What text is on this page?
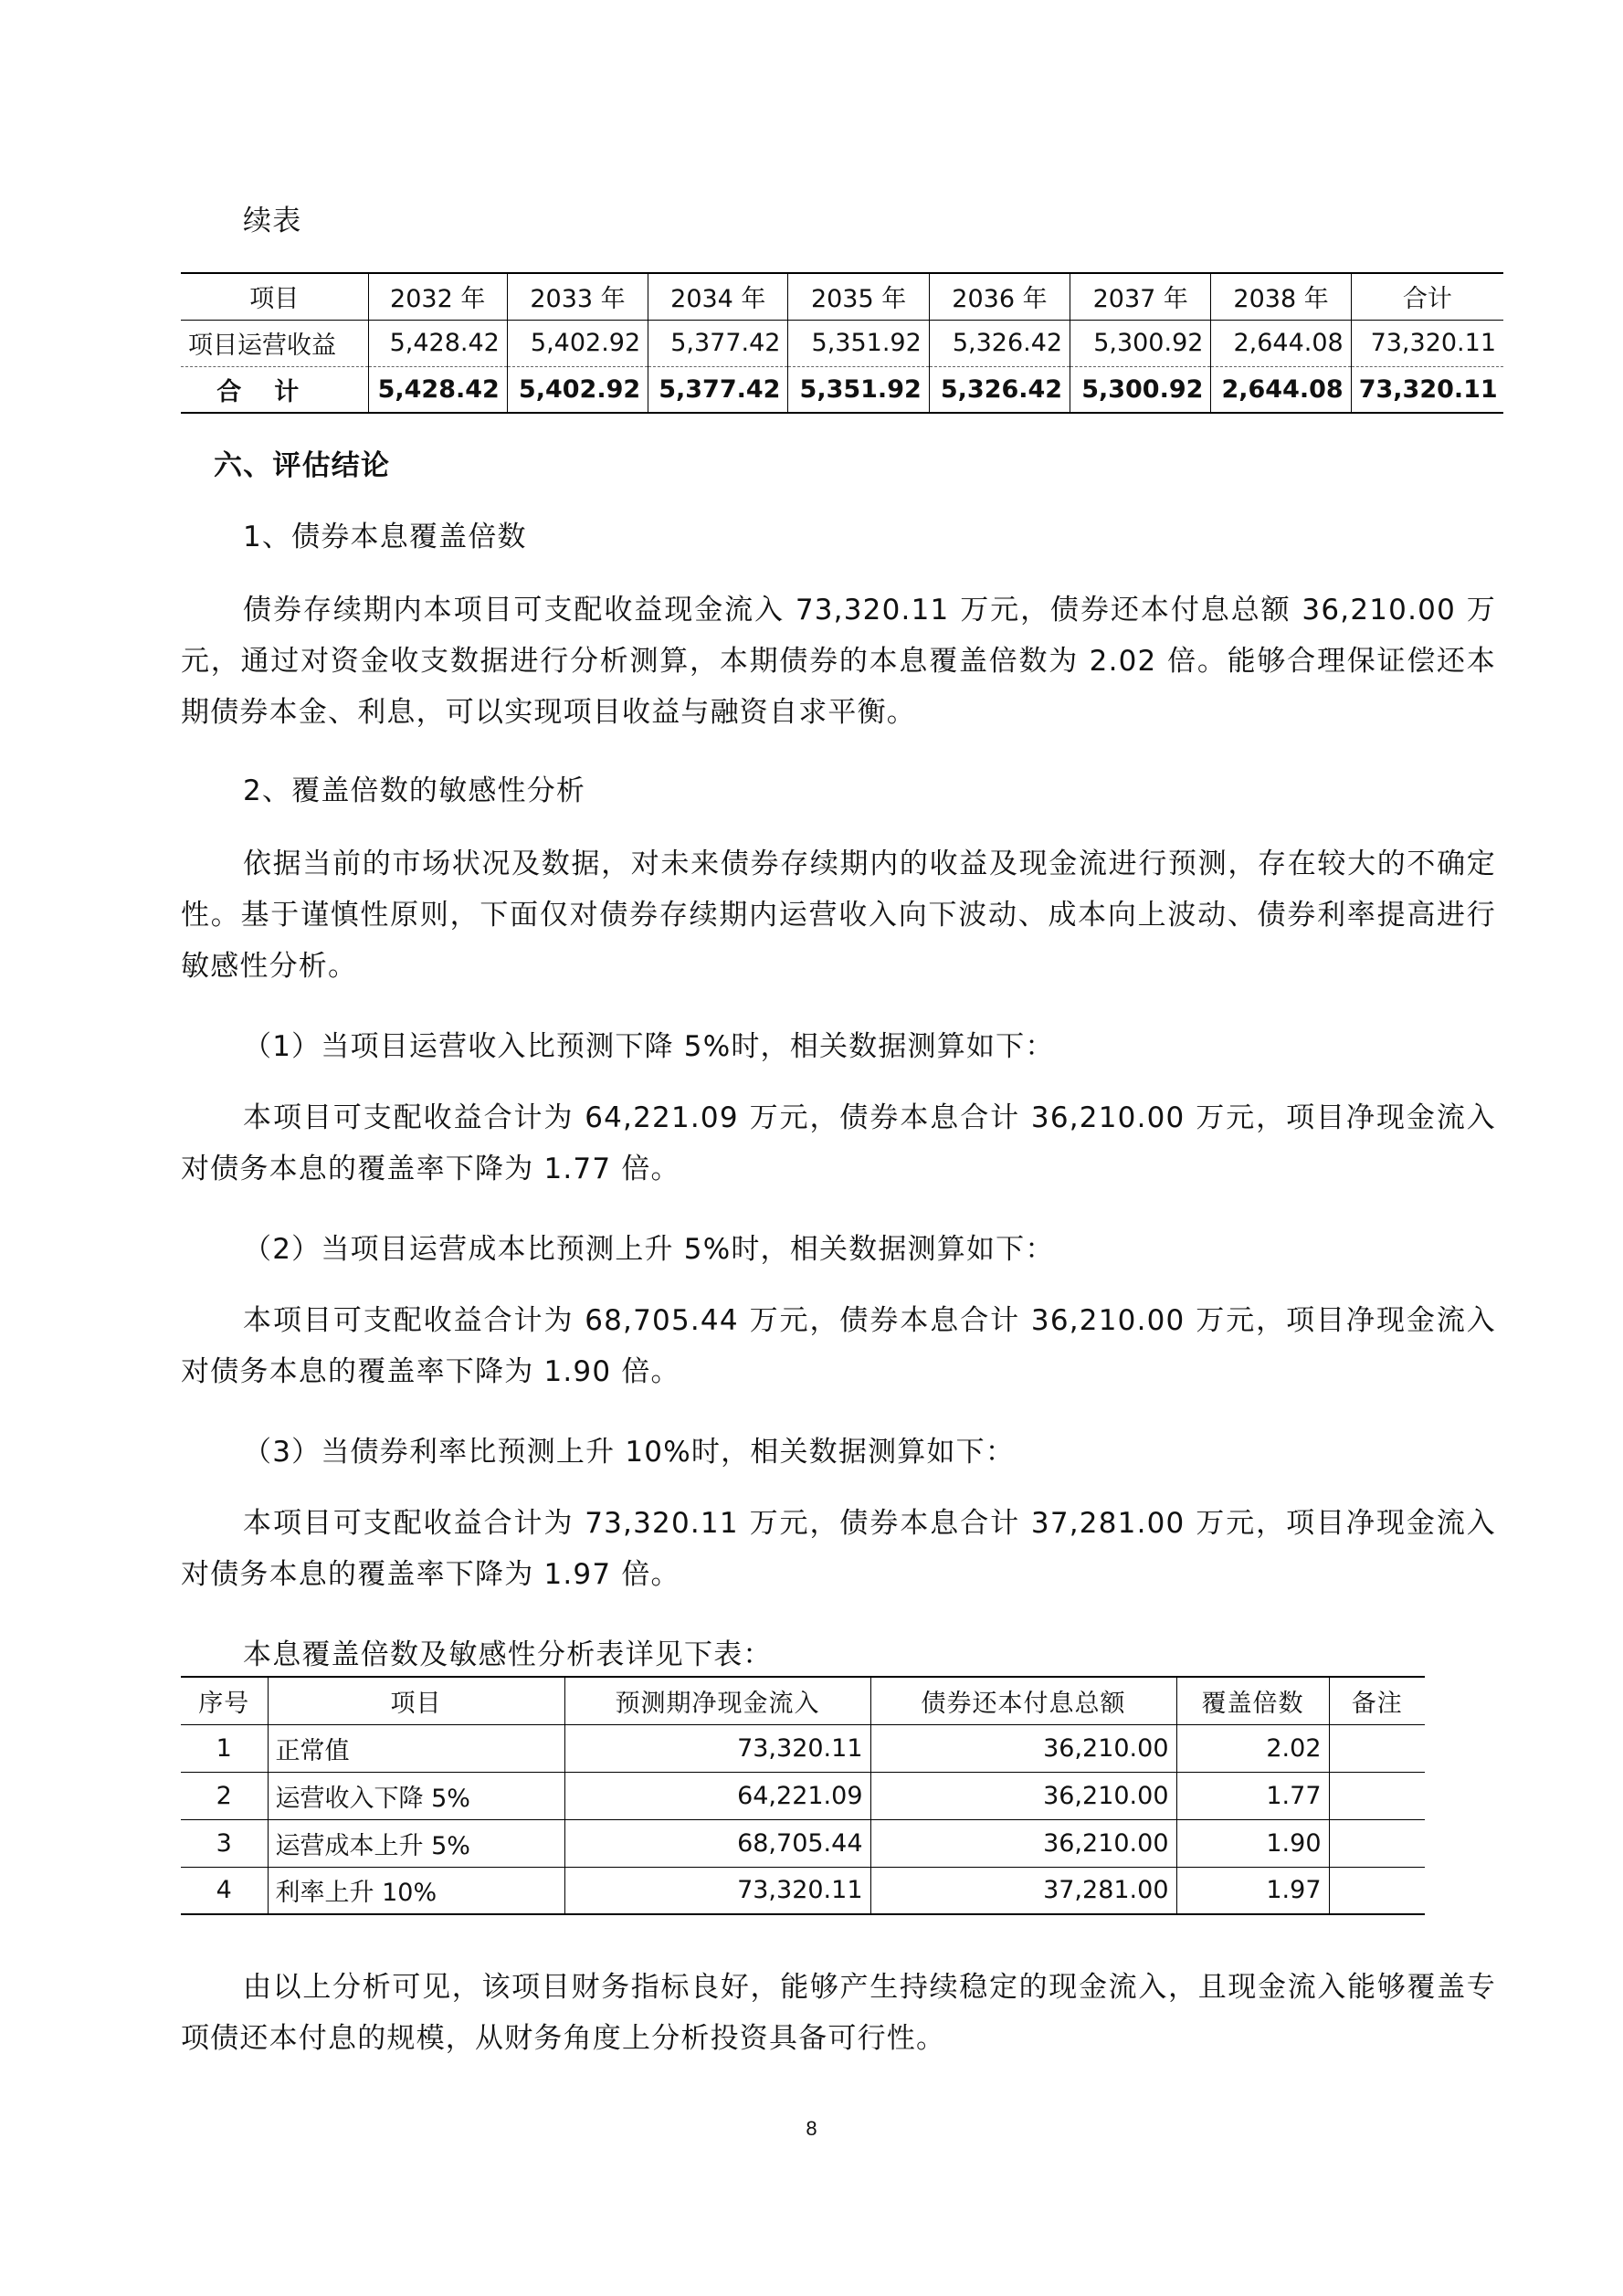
续表

项目	2032 年	2033 年	2034 年	2035 年	2036 年	2037 年	2038 年	合计
项目运营收益	5,428.42	5,402.92	5,377.42	5,351.92	5,326.42	5,300.92	2,644.08	73,320.11
合计	5,428.42	5,402.92	5,377.42	5,351.92	5,326.42	5,300.92	2,644.08	73,320.11

六、评估结论

1、债券本息覆盖倍数

债券存续期内本项目可支配收益现金流入 73,320.11 万元，债券还本付息总额 36,210.00 万元，通过对资金收支数据进行分析测算，本期债券的本息覆盖倍数为 2.02 倍。能够合理保证偿还本期债券本金、利息，可以实现项目收益与融资自求平衡。

2、覆盖倍数的敏感性分析

依据当前的市场状况及数据，对未来债券存续期内的收益及现金流进行预测，存在较大的不确定性。基于谨慎性原则，下面仅对债券存续期内运营收入向下波动、成本向上波动、债券利率提高进行敏感性分析。

（1）当项目运营收入比预测下降 5%时，相关数据测算如下：

本项目可支配收益合计为 64,221.09 万元，债券本息合计 36,210.00 万元，项目净现金流入对债务本息的覆盖率下降为 1.77 倍。

（2）当项目运营成本比预测上升 5%时，相关数据测算如下：

本项目可支配收益合计为 68,705.44 万元，债券本息合计 36,210.00 万元，项目净现金流入对债务本息的覆盖率下降为 1.90 倍。

（3）当债券利率比预测上升 10%时，相关数据测算如下：

本项目可支配收益合计为 73,320.11 万元，债券本息合计 37,281.00 万元，项目净现金流入对债务本息的覆盖率下降为 1.97 倍。

本息覆盖倍数及敏感性分析表详见下表：

序号	项目	预测期净现金流入	债券还本付息总额	覆盖倍数	备注
1	正常值	73,320.11	36,210.00	2.02	
2	运营收入下降 5%	64,221.09	36,210.00	1.77	
3	运营成本上升 5%	68,705.44	36,210.00	1.90	
4	利率上升 10%	73,320.11	37,281.00	1.97	

由以上分析可见，该项目财务指标良好，能够产生持续稳定的现金流入，且现金流入能够覆盖专项债还本付息的规模，从财务角度上分析投资具备可行性。

8
